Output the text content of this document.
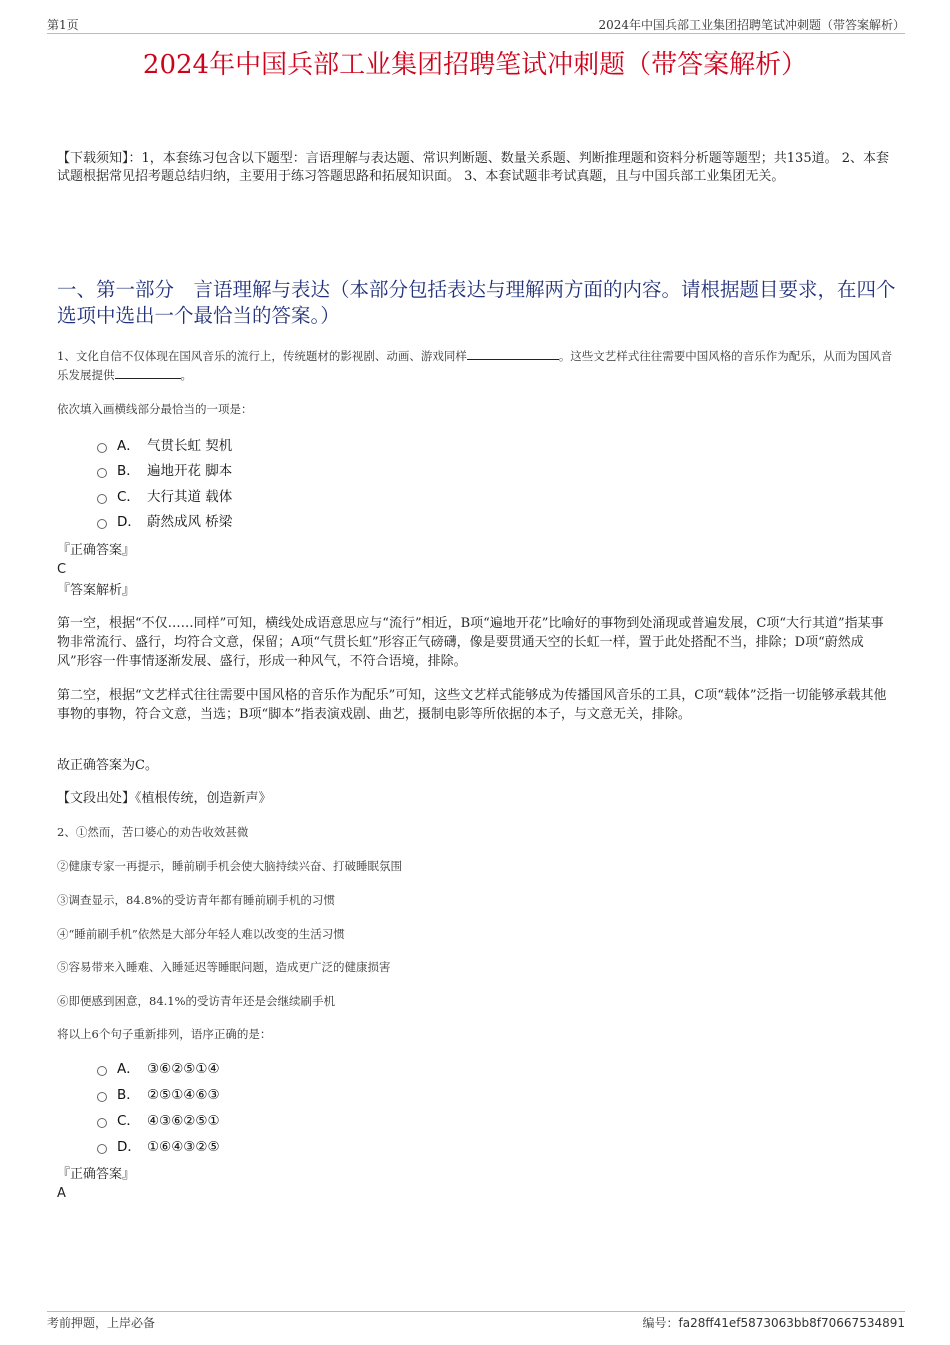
第1页	2024年中国兵部工业集团招聘笔试冲刺题（带答案解析）
2024年中国兵部工业集团招聘笔试冲刺题（带答案解析）
【下载须知】：1，本套练习包含以下题型：言语理解与表达题、常识判断题、数量关系题、判断推理题和资料分析题等题型；共135道。 2、本套试题根据常见招考题总结归纳，主要用于练习答题思路和拓展知识面。 3、本套试题非考试真题，且与中国兵部工业集团无关。
一、第一部分　言语理解与表达（本部分包括表达与理解两方面的内容。请根据题目要求，在四个选项中选出一个最恰当的答案。）
1、文化自信不仅体现在国风音乐的流行上，传统题材的影视剧、动画、游戏同样	。这些文艺样式往往需要中国风格的音乐作为配乐，从而为国风音乐发展提供	。
依次填入画横线部分最恰当的一项是：
A． 气贯长虹 契机
B． 遍地开花 脚本
C． 大行其道 载体
D． 蔚然成风 桥梁
『正确答案』
C
『答案解析』
第一空，根据“不仅……同样”可知，横线处成语意思应与“流行”相近，B项“遍地开花”比喻好的事物到处涌现或普遍发展，C项“大行其道”指某事物非常流行、盛行，均符合文意，保留；A项“气贯长虹”形容正气磅礴，像是要贯通天空的长虹一样，置于此处搭配不当，排除；D项“蔚然成风”形容一件事情逐渐发展、盛行，形成一种风气，不符合语境，排除。
第二空，根据“文艺样式往往需要中国风格的音乐作为配乐”可知，这些文艺样式能够成为传播国风音乐的工具，C项“载体”泛指一切能够承载其他事物的事物，符合文意，当选；B项“脚本”指表演戏剧、曲艺，摄制电影等所依据的本子，与文意无关，排除。
故正确答案为C。
【文段出处】《植根传统，创造新声》
2、①然而，苦口婆心的劝告收效甚微
②健康专家一再提示，睡前刷手机会使大脑持续兴奋、打破睡眠氛围
③调查显示，84.8%的受访青年都有睡前刷手机的习惯
④“睡前刷手机”依然是大部分年轻人难以改变的生活习惯
⑤容易带来入睡难、入睡延迟等睡眠问题，造成更广泛的健康损害
⑥即便感到困意，84.1%的受访青年还是会继续刷手机
将以上6个句子重新排列，语序正确的是：
A． ③⑥②⑤①④
B． ②⑤①④⑥③
C． ④③⑥②⑤①
D． ①⑥④③②⑤
『正确答案』
A
考前押题，上岸必备	编号：fa28ff41ef5873063bb8f70667534891
